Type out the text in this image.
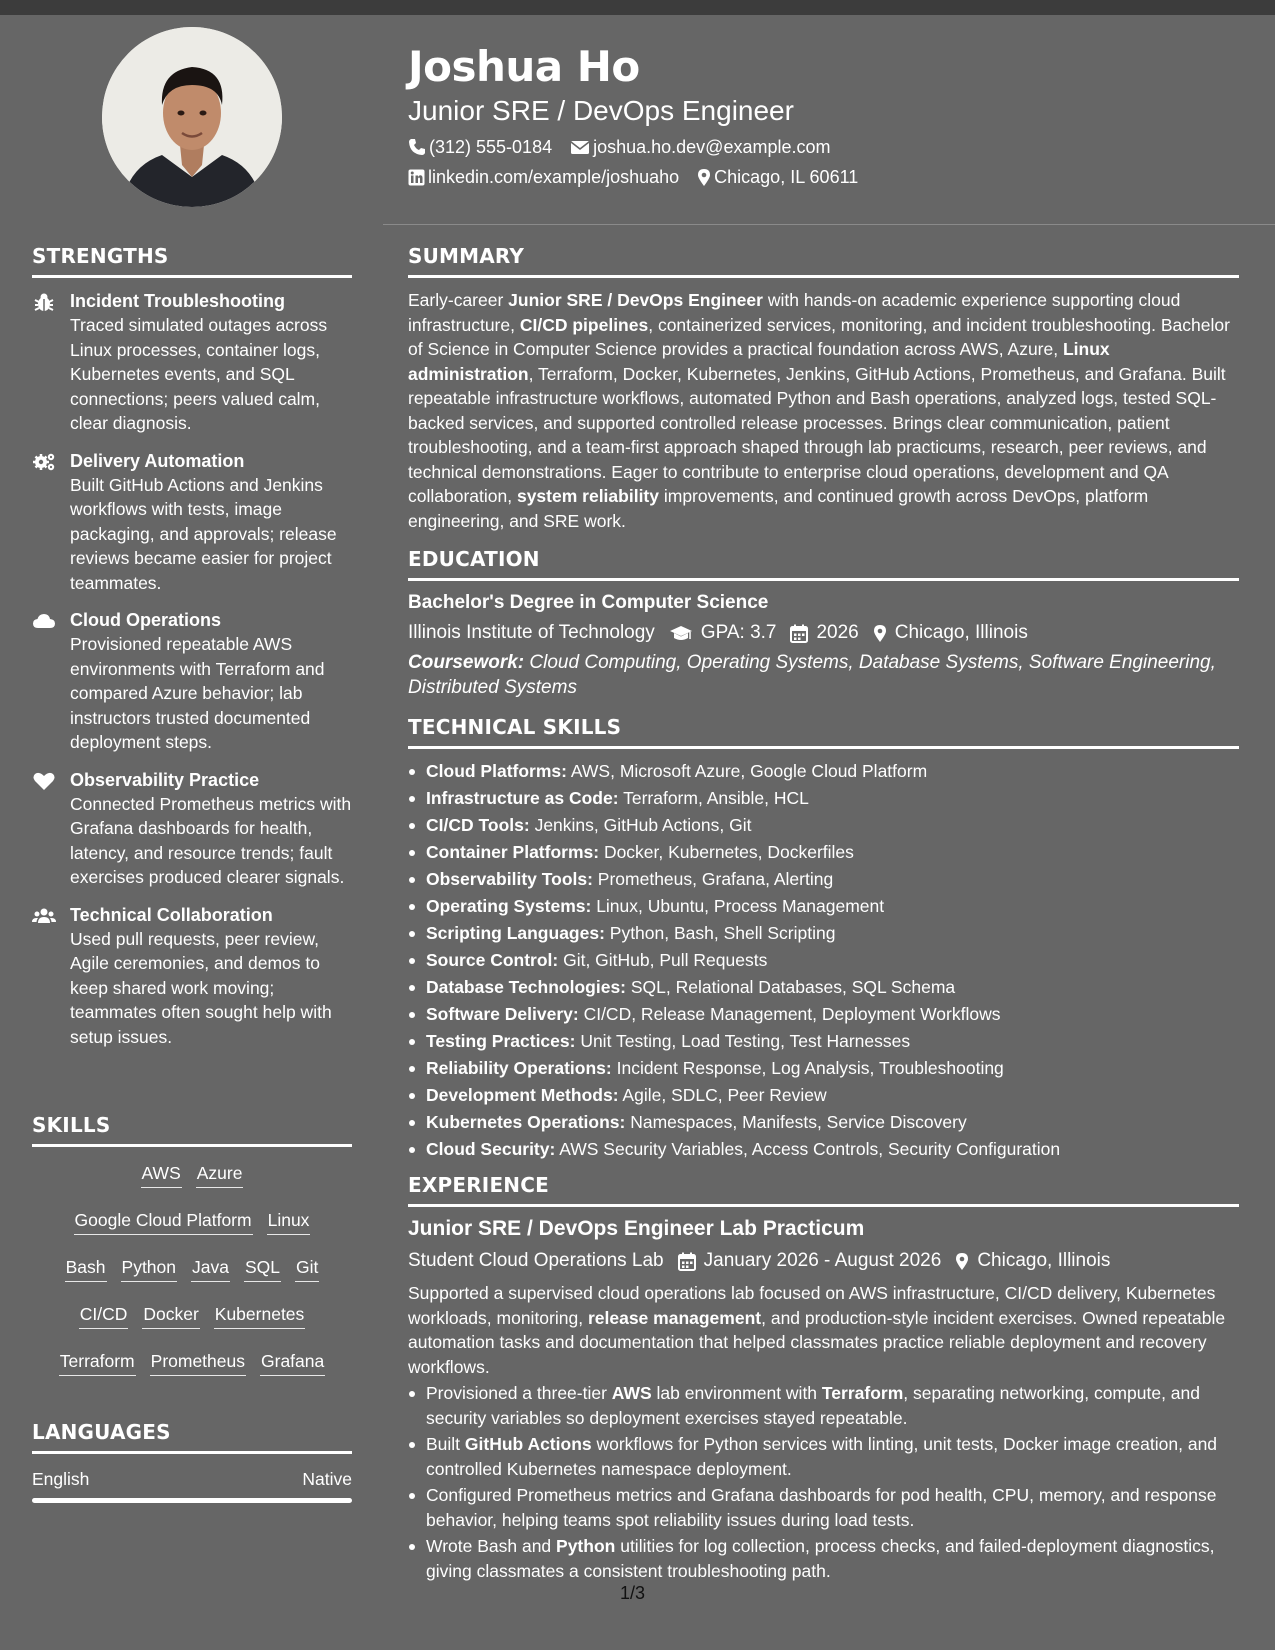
STRENGTHS
Incident Troubleshooting
Traced simulated outages across Linux processes, container logs, Kubernetes events, and SQL connections; peers valued calm, clear diagnosis.
Delivery Automation
Built GitHub Actions and Jenkins workflows with tests, image packaging, and approvals; release reviews became easier for project teammates.
Cloud Operations
Provisioned repeatable AWS environments with Terraform and compared Azure behavior; lab instructors trusted documented deployment steps.
Observability Practice
Connected Prometheus metrics with Grafana dashboards for health, latency, and resource trends; fault exercises produced clearer signals.
Technical Collaboration
Used pull requests, peer review, Agile ceremonies, and demos to keep shared work moving; teammates often sought help with setup issues.
SKILLS
AWS Azure
Google Cloud Platform Linux
Bash Python Java SQL Git
CI/CD Docker Kubernetes
Terraform Prometheus Grafana
LANGUAGES
English	Native
Joshua Ho
Junior SRE / DevOps Engineer
(312) 555-0184 joshua.ho.dev@example.com
linkedin.com/example/joshuaho Chicago, IL 60611
SUMMARY
Early-career Junior SRE / DevOps Engineer with hands-on academic experience supporting cloud infrastructure, CI/CD pipelines, containerized services, monitoring, and incident troubleshooting. Bachelor of Science in Computer Science provides a practical foundation across AWS, Azure, Linux administration, Terraform, Docker, Kubernetes, Jenkins, GitHub Actions, Prometheus, and Grafana. Built repeatable infrastructure workflows, automated Python and Bash operations, analyzed logs, tested SQL-backed services, and supported controlled release processes. Brings clear communication, patient troubleshooting, and a team-first approach shaped through lab practicums, research, peer reviews, and technical demonstrations. Eager to contribute to enterprise cloud operations, development and QA collaboration, system reliability improvements, and continued growth across DevOps, platform engineering, and SRE work.
EDUCATION
Bachelor's Degree in Computer Science
Illinois Institute of Technology GPA: 3.7 2026 Chicago, Illinois
Coursework: Cloud Computing, Operating Systems, Database Systems, Software Engineering, Distributed Systems
TECHNICAL SKILLS
Cloud Platforms: AWS, Microsoft Azure, Google Cloud Platform
Infrastructure as Code: Terraform, Ansible, HCL
CI/CD Tools: Jenkins, GitHub Actions, Git
Container Platforms: Docker, Kubernetes, Dockerfiles
Observability Tools: Prometheus, Grafana, Alerting
Operating Systems: Linux, Ubuntu, Process Management
Scripting Languages: Python, Bash, Shell Scripting
Source Control: Git, GitHub, Pull Requests
Database Technologies: SQL, Relational Databases, SQL Schema
Software Delivery: CI/CD, Release Management, Deployment Workflows
Testing Practices: Unit Testing, Load Testing, Test Harnesses
Reliability Operations: Incident Response, Log Analysis, Troubleshooting
Development Methods: Agile, SDLC, Peer Review
Kubernetes Operations: Namespaces, Manifests, Service Discovery
Cloud Security: AWS Security Variables, Access Controls, Security Configuration
EXPERIENCE
Junior SRE / DevOps Engineer Lab Practicum
Student Cloud Operations Lab January 2026 - August 2026 Chicago, Illinois
Supported a supervised cloud operations lab focused on AWS infrastructure, CI/CD delivery, Kubernetes workloads, monitoring, release management, and production-style incident exercises. Owned repeatable automation tasks and documentation that helped classmates practice reliable deployment and recovery workflows.
Provisioned a three-tier AWS lab environment with Terraform, separating networking, compute, and security variables so deployment exercises stayed repeatable.
Built GitHub Actions workflows for Python services with linting, unit tests, Docker image creation, and controlled Kubernetes namespace deployment.
Configured Prometheus metrics and Grafana dashboards for pod health, CPU, memory, and response behavior, helping teams spot reliability issues during load tests.
Wrote Bash and Python utilities for log collection, process checks, and failed-deployment diagnostics, giving classmates a consistent troubleshooting path.
1/3
